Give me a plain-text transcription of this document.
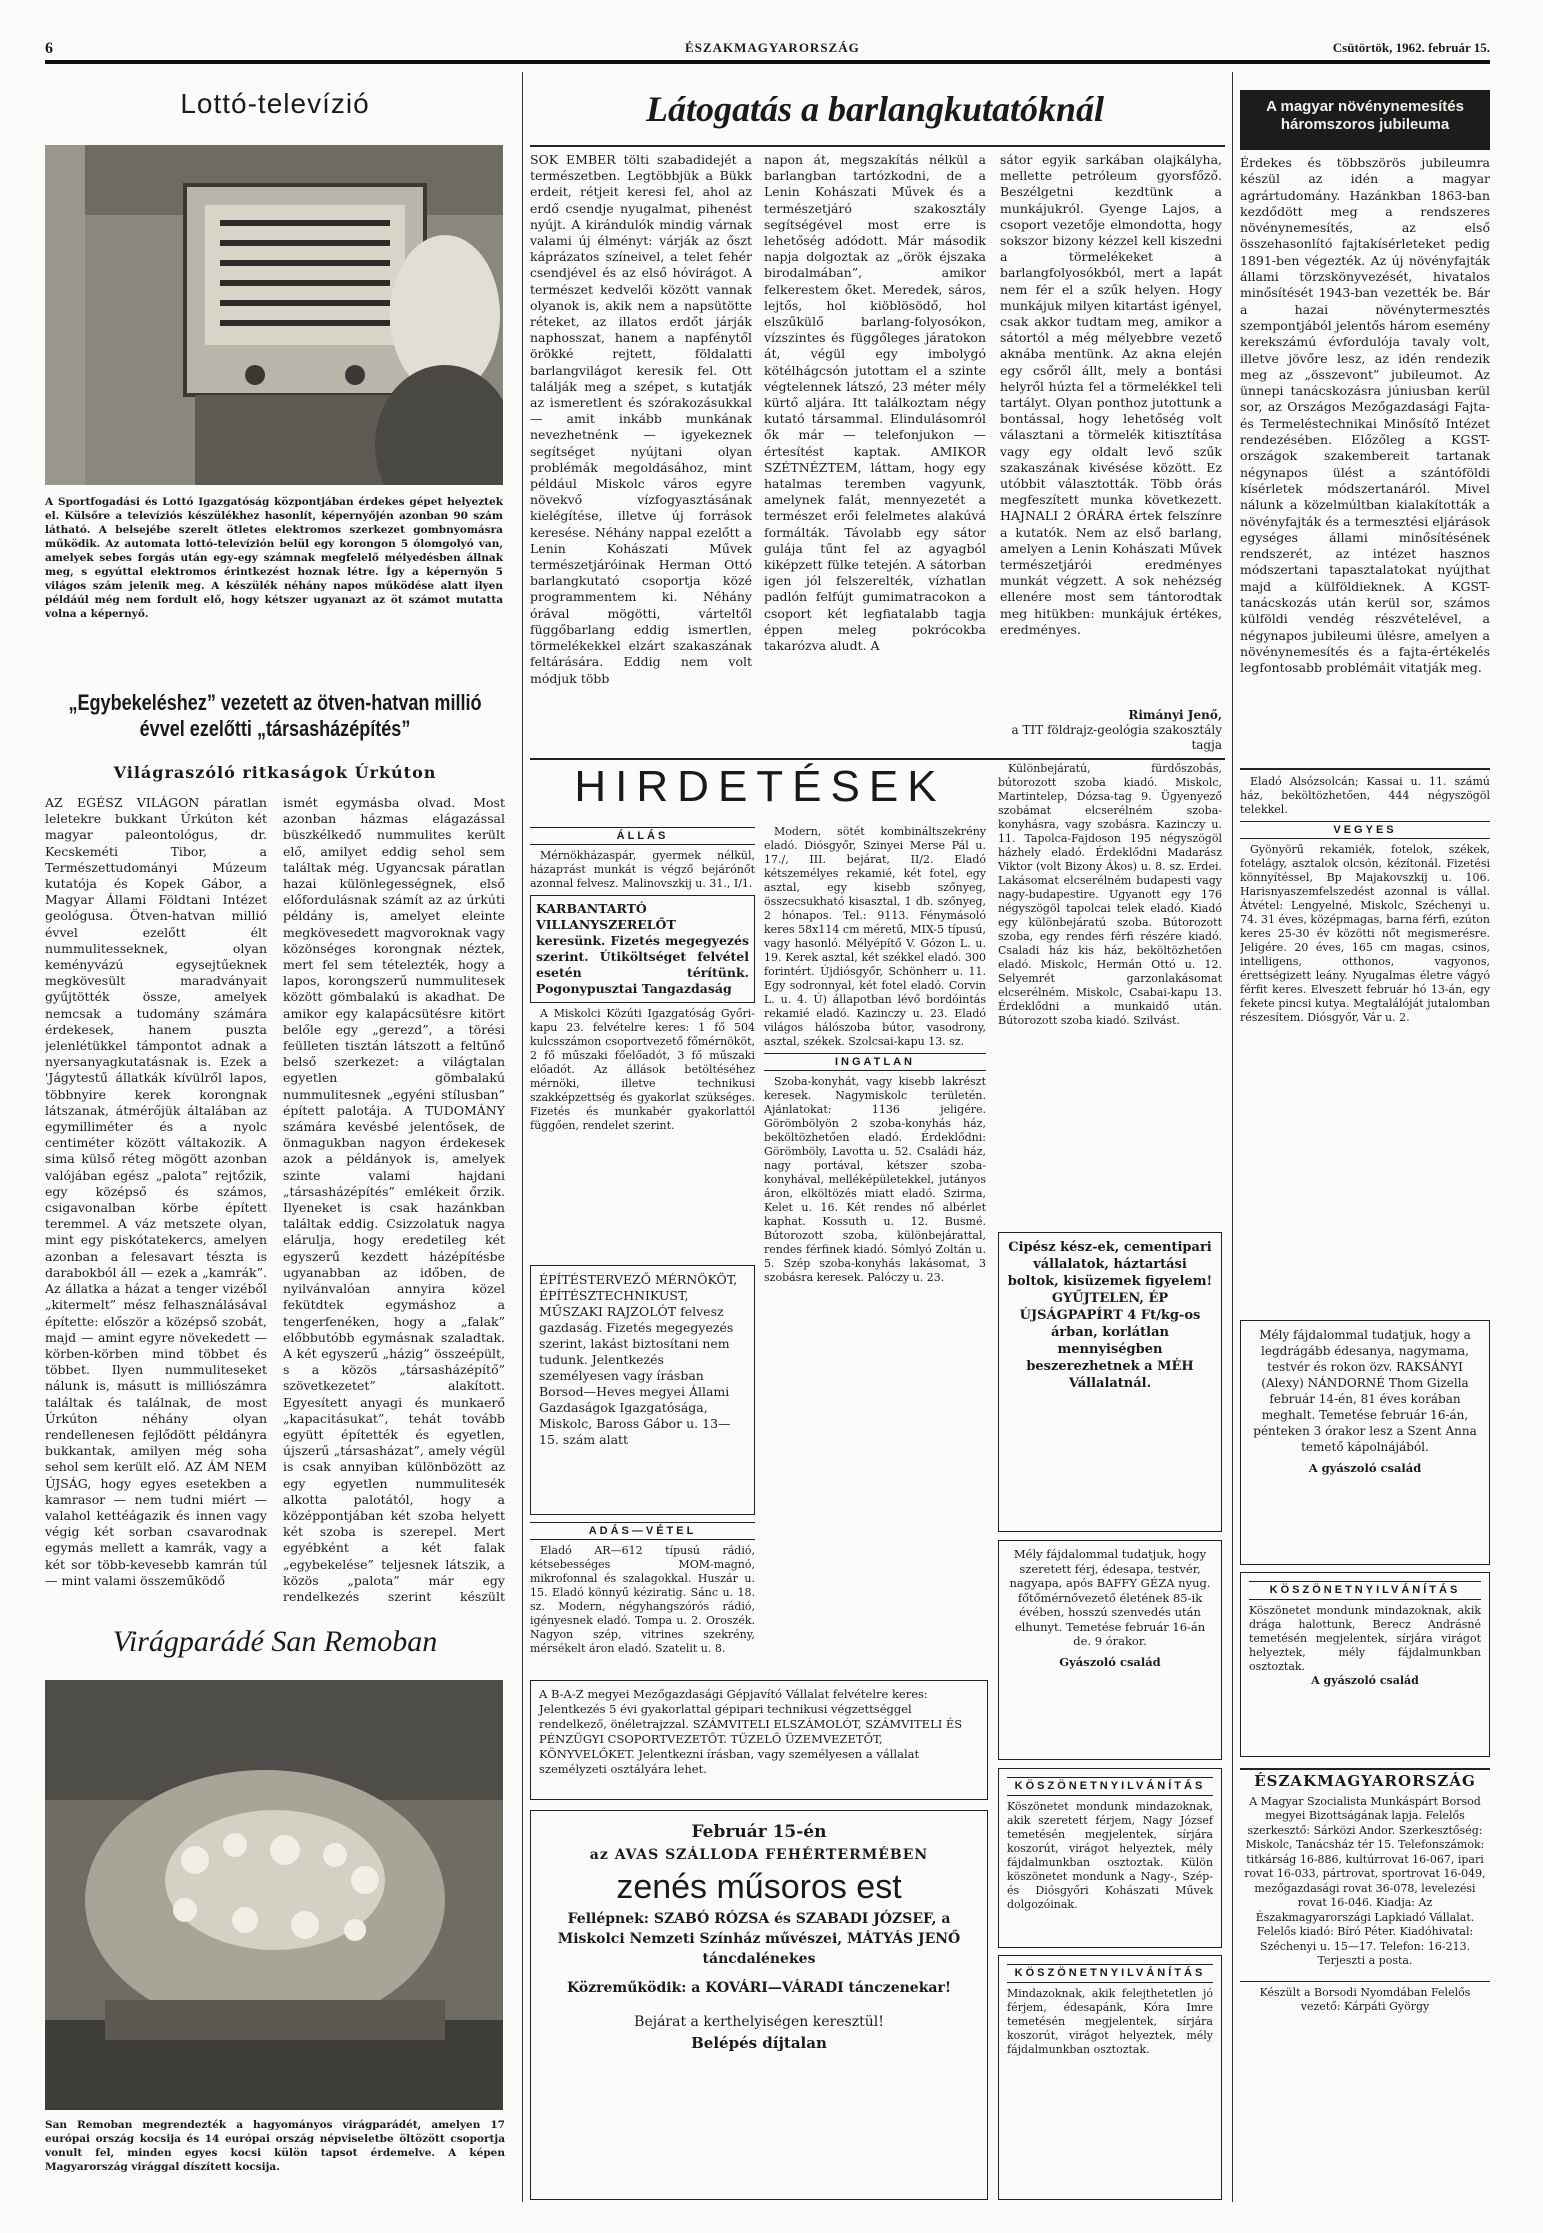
6	ÉSZAKMAGYARORSZÁG	Csütörtök, 1962. február 15.
Lottó-televízió
A Sportfogadási és Lottó Igazgatóság központjában érdekes gépet helyeztek el. Külsőre a televíziós készülékhez hasonlít, képernyőjén azonban 90 szám látható. A belsejébe szerelt ötletes elektromos szerkezet gombnyomásra működik. Az automata lottó-televízión belül egy korongon 5 ólomgolyó van, amelyek sebes forgás után egy-egy számnak megfelelő mélyedésben állnak meg, s egyúttal elektromos érintkezést hoznak létre. Így a képernyőn 5 világos szám jelenik meg. A készülék néhány napos működése alatt ilyen példáúl még nem fordult elő, hogy kétszer ugyanazt az öt számot mutatta volna a képernyő.
„Egybekeléshez” vezetett az ötven-hatvan millió évvel ezelőtti „társasházépítés”
Világraszóló ritkaságok Úrkúton
AZ EGÉSZ VILÁGON páratlan leletekre bukkant Úrkúton két magyar paleontológus, dr. Kecskeméti Tibor, a Természettudományi Múzeum kutatója és Kopek Gábor, a Magyar Állami Földtani Intézet geológusa. Ötven-hatvan millió évvel ezelőtt élt nummulitesseknek, olyan keményvázú egysejtűeknek megkövesült maradványait gyűjtötték össze, amelyek nemcsak a tudomány számára érdekesek, hanem puszta jelenlétükkel támpontot adnak a nyersanyagkutatásnak is. Ezek a 'Jágytestű állatkák kívülről lapos, többnyire kerek korongnak látszanak, átmérőjük általában az egymilliméter és a nyolc centiméter között váltakozik. A sima külső réteg mögött azonban valójában egész „palota” rejtőzik, egy középső és számos, csigavonalban körbe épített teremmel. A váz metszete olyan, mint egy piskótatekercs, amelyen azonban a felesavart tészta is darabokból áll — ezek a „kamrák”. Az állatka a házat a tenger vizéből „kitermelt” mész felhasználásával építette: először a középső szobát, majd — amint egyre növekedett — körben-körben mind többet és többet. Ilyen nummuliteseket nálunk is, másutt is milliószámra találtak és találnak, de most Úrkúton néhány olyan rendellenesen fejlődött példányra bukkantak, amilyen még soha sehol sem került elő. AZ ÁM NEM ÚJSÁG, hogy egyes esetekben a kamrasor — nem tudni miért — valahol kettéágazik és innen vagy végig két sorban csavarodnak egymás mellett a kamrák, vagy a két sor több-kevesebb kamrán túl — mint valami összeműködő
ismét egymásba olvad. Most azonban házmas elágazással büszkélkedő nummulites került elő, amilyet eddig sehol sem találtak még. Ugyancsak páratlan hazai különlegességnek, első előfordulásnak számít az az úrkúti példány is, amelyet eleinte megkövesedett magvoroknak vagy közönséges korongnak néztek, mert fel sem tételezték, hogy a lapos, korongszerű nummulitesek között gömbalakú is akadhat. De amikor egy kalapácsütésre kitört belőle egy „gerezd”, a törési feülleten tisztán látszott a feltűnő belső szerkezet: a világtalan egyetlen gömbalakú nummulitesnek „egyéni stílusban” épített palotája. A TUDOMÁNY számára kevésbé jelentősek, de önmagukban nagyon érdekesek azok a példányok is, amelyek szinte valami hajdani „társasházépítés” emlékeit őrzik. Ilyeneket is csak hazánkban találtak eddig. Csizzolatuk nagya elárulja, hogy eredetileg két egyszerű kezdett házépítésbe ugyanabban az időben, de nyilvánvalóan annyira közel fekütdtek egymáshoz a tengerfenéken, hogy a „falak” előbbutóbb egymásnak szaladtak. A két egyszerű „házig” összeépült, s a közös „társasházépítő” szövetkezetet” alakított. Egyesített anyagi és munkaerő „kapacitásukat”, tehát tovább együtt építették és egyetlen, újszerű „társasházat”, amely végül is csak annyiban különbözött az egy egyetlen nummulitesék alkotta palotától, hogy a középpontjában két szoba helyett két szoba is szerepel. Mert egyébként a két falak „egybekelése” teljesnek látszik, a közös „palota” már egy rendelkezés szerint készült
Virágparádé San Remoban
San Remoban megrendezték a hagyományos virágparádét, amelyen 17 európai ország kocsija és 14 európai ország népviseletbe öltözött csoportja vonult fel, minden egyes kocsi külön tapsot érdemelve. A képen Magyarország virággal díszített kocsija.
Látogatás a barlangkutatóknál
SOK EMBER tölti szabadidejét a természetben. Legtöbbjük a Bükk erdeit, rétjeit keresi fel, ahol az erdő csendje nyugalmat, pihenést nyújt. A kirándulók mindig várnak valami új élményt: várják az őszt káprázatos színeivel, a telet fehér csendjével és az első hóvirágot. A természet kedvelői között vannak olyanok is, akik nem a napsütötte réteket, az illatos erdőt járják naphosszat, hanem a napfénytől örökké rejtett, földalatti barlangvilágot keresik fel. Ott találják meg a szépet, s kutatják az ismeretlent és szórakozásukkal — amit inkább munkának nevezhetnénk — igyekeznek segítséget nyújtani olyan problémák megoldásához, mint például Miskolc város egyre növekvő vízfogyasztásának kielégítése, illetve új források keresése. Néhány nappal ezelőtt a Lenin Kohászati Művek természetjáróinak Herman Ottó barlangkutató csoportja közé programmentem ki. Néhány órával mögötti, várteltől függőbarlang eddig ismertlen, törmelékekkel elzárt szakaszának feltárására. Eddig nem volt módjuk több
napon át, megszakítás nélkül a barlangban tartózkodni, de a Lenin Kohászati Művek és a természetjáró szakosztály segítségével most erre is lehetőség adódott. Már második napja dolgoztak az „örök éjszaka birodalmában”, amikor felkerestem őket. Meredek, sáros, lejtős, hol kiöblösödő, hol elszűkülő barlang-folyosókon, vízszintes és függőleges járatokon át, végül egy imbolygó kötélhágcsón jutottam el a szinte végtelennek látszó, 23 méter mély kürtő aljára. Itt találkoztam négy kutató társammal. Elindulásomról ők már — telefonjukon — értesítést kaptak. AMIKOR SZÉTNÉZTEM, láttam, hogy egy hatalmas teremben vagyunk, amelynek falát, mennyezetét a természet erői felelmetes alakúvá formálták. Távolabb egy sátor gulája tűnt fel az agyagból kiképzett fülke tetején. A sátorban igen jól felszerelték, vízhatlan padlón felfújt gumimatracokon a csoport két legfiatalabb tagja éppen meleg pokrócokba takarózva aludt. A
sátor egyik sarkában olajkályha, mellette petróleum gyorsfőző. Beszélgetni kezdtünk a munkájukról. Gyenge Lajos, a csoport vezetője elmondotta, hogy sokszor bizony kézzel kell kiszedni a törmelékeket a barlangfolyosókból, mert a lapát nem fér el a szűk helyen. Hogy munkájuk milyen kitartást igényel, csak akkor tudtam meg, amikor a sátortól a még mélyebbre vezető aknába mentünk. Az akna elején egy csőről állt, mely a bontási helyről húzta fel a törmelékkel teli tartályt. Olyan ponthoz jutottunk a bontással, hogy lehetőség volt választani a törmelék kitisztítása vagy egy oldalt levő szűk szakaszának kivésése között. Ez utóbbit választották. Több órás megfeszített munka következett. HAJNALI 2 ÓRÁRA értek felszínre a kutatók. Nem az első barlang, amelyen a Lenin Kohászati Művek természetjárói eredményes munkát végzett. A sok nehézség ellenére most sem tántorodtak meg hitükben: munkájuk értékes, eredményes.
Rimányi Jenő,
a TIT földrajz-geológia szakosztály tagja
HIRDETÉSEK
ÁLLÁS

Mérnökházaspár, gyermek nélkül, házaртást munkát is végző bejárónőt azonnal felvesz. Malinovszkij u. 31., I/1.

KARBANTARTÓ VILLANYSZERELŐT keresünk. Fizetés megegyezés szerint. Útiköltséget felvétel esetén térítünk. Pogonypusztai Tangazdaság

A Miskolci Közúti Igazgatóság Győri-kapu 23. felvételre keres: 1 fő 504 kulcsszámon csoportvezető főmérnököt, 2 fő műszaki főelőadót, 3 fő műszaki előadót. Az állások betöltéséhez mérnöki, illetve technikusi szakképzettség és gyakorlat szükséges. Fizetés és munkabér gyakorlattól függően, rendelet szerint.

ÉPÍTÉSTERVEZŐ MÉRNÖKÖT, ÉPÍTÉSZTECHNIKUST, MŰSZAKI RAJZOLÓT felvesz gazdaság. Fizetés megegyezés szerint, lakást biztosítani nem tudunk. Jelentkezés személyesen vagy írásban Borsod—Heves megyei Állami Gazdaságok Igazgatósága, Miskolc, Baross Gábor u. 13—15. szám alatt
ADÁS—VÉTEL

Eladó AR—612 típusú rádió, kétsebességes MOM-magnó, mikrofonnal és szalagokkal. Huszár u. 15. Eladó könnyű kéziratig. Sánc u. 18. sz. Modern, négyhangszórós rádió, igényesnek eladó. Tompa u. 2. Oroszék. Nagyon szép, vitrines szekrény, mérsékelt áron eladó. Szatelit u. 8.

Modern, sötét kombináltszekrény eladó. Diósgyőr, Szinyei Merse Pál u. 17./, III. bejárat, II/2. Eladó kétszemélyes rekamié, két fotel, egy asztal, egy kisebb szőnyeg, összecsukható kisasztal, 1 db. szőnyeg, 2 hónapos. Tel.: 9113. Fénymásoló keres 58x114 cm méretű, MIX-5 típusú, vagy hasonló. Mélyépítő V. Gózon L. u. 19. Kerek asztal, két székkel eladó. 300 forintért. Újdiósgyőr, Schönherr u. 11. Egy sodronnyal, két fotel eladó. Corvin L. u. 4. Ú) állapotban lévő bordóintás rekamié eladó. Kazinczy u. 23. Eladó világos hálószoba bútor, vasodrony, asztal, székek. Szolcsai-kapu 13. sz.

INGATLAN

Szoba-konyhát, vagy kisebb lakrészt keresek. Nagymiskolc területén. Ajánlatokat: 1136 jeligére. Görömbölyön 2 szoba-konyhás ház, beköltözhetően eladó. Érdeklődni: Görömböly, Lavotta u. 52. Családi ház, nagy portával, kétszer szoba-konyhával, melléképületekkel, jutányos áron, elköltözés miatt eladó. Szirma, Kelet u. 16. Két rendes nő albérlet kaphat. Kossuth u. 12. Busmé. Bútorozott szoba, különbejárattal, rendes férfinek kiadó. Sómlyó Zoltán u. 5. Szép szoba-konyhás lakásomat, 3 szobásra keresek. Palóczy u. 23.

Különbejáratú, fürdőszobás, bútorozott szoba kiadó. Miskolc, Martintelep, Dózsa-tag 9. Ügyenyező szobámat elcserélném szoba-konyhásra, vagy szobásra. Kazinczy u. 11. Tapolca-Fajdoson 195 négyszögöl házhely eladó. Érdeklődni Madarász Viktor (volt Bizony Ákos) u. 8. sz. Erdei. Lakásomat elcserélném budapesti vagy nagy-budapestire. Ugyanott egy 176 négyszögöl tapolcai telek eladó. Kiadó egy különbejáratú szoba. Bútorozott szoba, egy rendes férfi részére kiadó. Csaladi ház kis ház, beköltözhetően eladó. Miskolc, Hermán Ottó u. 12. Selyemrét garzonlakásomat elcserélném. Miskolc, Csabai-kapu 13. Érdeklődni a munkaidő után. Bútorozott szoba kiadó. Szilvást.

Cipész kész-ek, cementipari vállalatok, háztartási boltok, kisüzemek figyelem! GYŰJTELEN, ÉP ÚJSÁGPAPÍRT 4 Ft/kg-os árban, korlátlan mennyiségben beszerezhetnek a MÉH Vállalatnál.
Mély fájdalommal tudatjuk, hogy szeretett férj, édesapa, testvér, nagyapa, após BAFFY GÉZA nyug. főtőmérnővezető életének 85-ik évében, hosszú szenvedés után elhunyt. Temetése február 16-án de. 9 órakor.
Gyászoló család
KÖSZÖNETNYILVÁNÍTÁS
Köszönetet mondunk mindazoknak, akik szeretett férjem, Nagy József temetésén megjelentek, sírjára koszorút, virágot helyeztek, mély fájdalmunkban osztoztak. Külön köszönetet mondunk a Nagy-, Szép- és Diósgyőri Kohászati Művek dolgozóinak.
KÖSZÖNETNYILVÁNÍTÁS
Mindazoknak, akik felejthetetlen jó férjem, édesapánk, Kóra Imre temetésén megjelentek, sírjára koszorút, virágot helyeztek, mély fájdalmunkban osztoztak.
A B-A-Z megyei Mezőgazdasági Gépjavító Vállalat felvételre keres: Jelentkezés 5 évi gyakorlattal gépipari technikusi végzettséggel rendelkező, önéletrajzzal. SZÁMVITELI ELSZÁMOLÓT, SZÁMVITELI ÉS PÉNZÜGYI CSOPORTVEZETŐT. TÜZELŐ ÜZEMVEZETŐT, KÖNYVELŐKET. Jelentkezni írásban, vagy személyesen a vállalat személyzeti osztályára lehet.
Február 15-én
az AVAS SZÁLLODA FEHÉRTERMÉBEN
zenés műsoros est
Fellépnek: SZABÓ RÓZSA és SZABADI JÓZSEF, a Miskolci Nemzeti Színház művészei, MÁTYÁS JENŐ táncdalénekes
Közreműködik: a KOVÁRI—VÁRADI tánczenekar!
Bejárat a kerthelyiségen keresztül!
Belépés díjtalan
A magyar növénynemesítés háromszoros jubileuma
Érdekes és többszörös jubileumra készül az idén a magyar agrártudomány. Hazánkban 1863-ban kezdődött meg a rendszeres növénynemesítés, az első összehasonlító fajtakísérleteket pedig 1891-ben végezték. Az új növényfajták állami törzskönyvezését, hivatalos minősítését 1943-ban vezették be. Bár a hazai növénytermesztés szempontjából jelentős három esemény kerekszámú évfordulója tavaly volt, illetve jövőre lesz, az idén rendezik meg az „összevont” jubileumot. Az ünnepi tanácskozásra júniusban kerül sor, az Országos Mezőgazdasági Fajta- és Termeléstechnikai Minősítő Intézet rendezésében. Előzőleg a KGST-országok szakembereit tartanak négynapos ülést a szántóföldi kísérletek módszertanáról. Mivel nálunk a közelmúltban kialakították a növényfajták és a termesztési eljárások egységes állami minősítésének rendszerét, az intézet hasznos módszertani tapasztalatokat nyújthat majd a külföldieknek. A KGST-tanácskozás után kerül sor, számos külföldi vendég részvételével, a négynapos jubileumi ülésre, amelyen a növénynemesítés és a fajta-értékelés legfontosabb problémáit vitatják meg.

Eladó Alsózsolcán; Kassai u. 11. számú ház, beköltözhetően, 444 négyszögöl telekkel.

VEGYES

Gyönyörű rekamiék, fotelok, székek, fotelágy, asztalok olcsón, kézítonál. Fizetési könnyítéssel, Bp Majakovszkij u. 106. Harisnyaszemfelszedést azonnal is vállal. Átvétel: Lengyelné, Miskolc, Széchenyi u. 74. 31 éves, középmagas, barna férfi, ezúton keres 25-30 év közötti nőt megismerésre. Jeligére. 20 éves, 165 cm magas, csinos, intelligens, otthonos, vagyonos, érettségizett leány. Nyugalmas életre vágyó férfit keres. Elveszett február hó 13-án, egy fekete pincsi kutya. Megtalálóját jutalomban részesítem. Diósgyőr, Vár u. 2.

Mély fájdalommal tudatjuk, hogy a legdrágább édesanya, nagymama, testvér és rokon özv. RAKSÁNYI (Alexy) NÁNDORNÉ Thom Gizella február 14-én, 81 éves korában meghalt. Temetése február 16-án, pénteken 3 órakor lesz a Szent Anna temető kápolnájából.
A gyászoló család
KÖSZÖNETNYILVÁNÍTÁS
Köszönetet mondunk mindazoknak, akik drága halottunk, Berecz Andrásné temetésén megjelentek, sírjára virágot helyeztek, mély fájdalmunkban osztoztak.
A gyászoló család
ÉSZAKMAGYARORSZÁG
A Magyar Szocialista Munkáspárt Borsod megyei Bizottságának lapja. Felelős szerkesztő: Sárközi Andor. Szerkesztőség: Miskolc, Tanácsház tér 15. Telefonszámok: titkárság 16-886, kultúrrovat 16-067, ipari rovat 16-033, pártrovat, sportrovat 16-049, mezőgazdasági rovat 36-078, levelezési rovat 16-046. Kiadja: Az Északmagyarországi Lapkiadó Vállalat. Felelős kiadó: Bíró Péter. Kiadóhivatal: Széchenyi u. 15—17. Telefon: 16-213. Terjeszti a posta.
Készült a Borsodi Nyomdában Felelős vezető: Kárpáti György
